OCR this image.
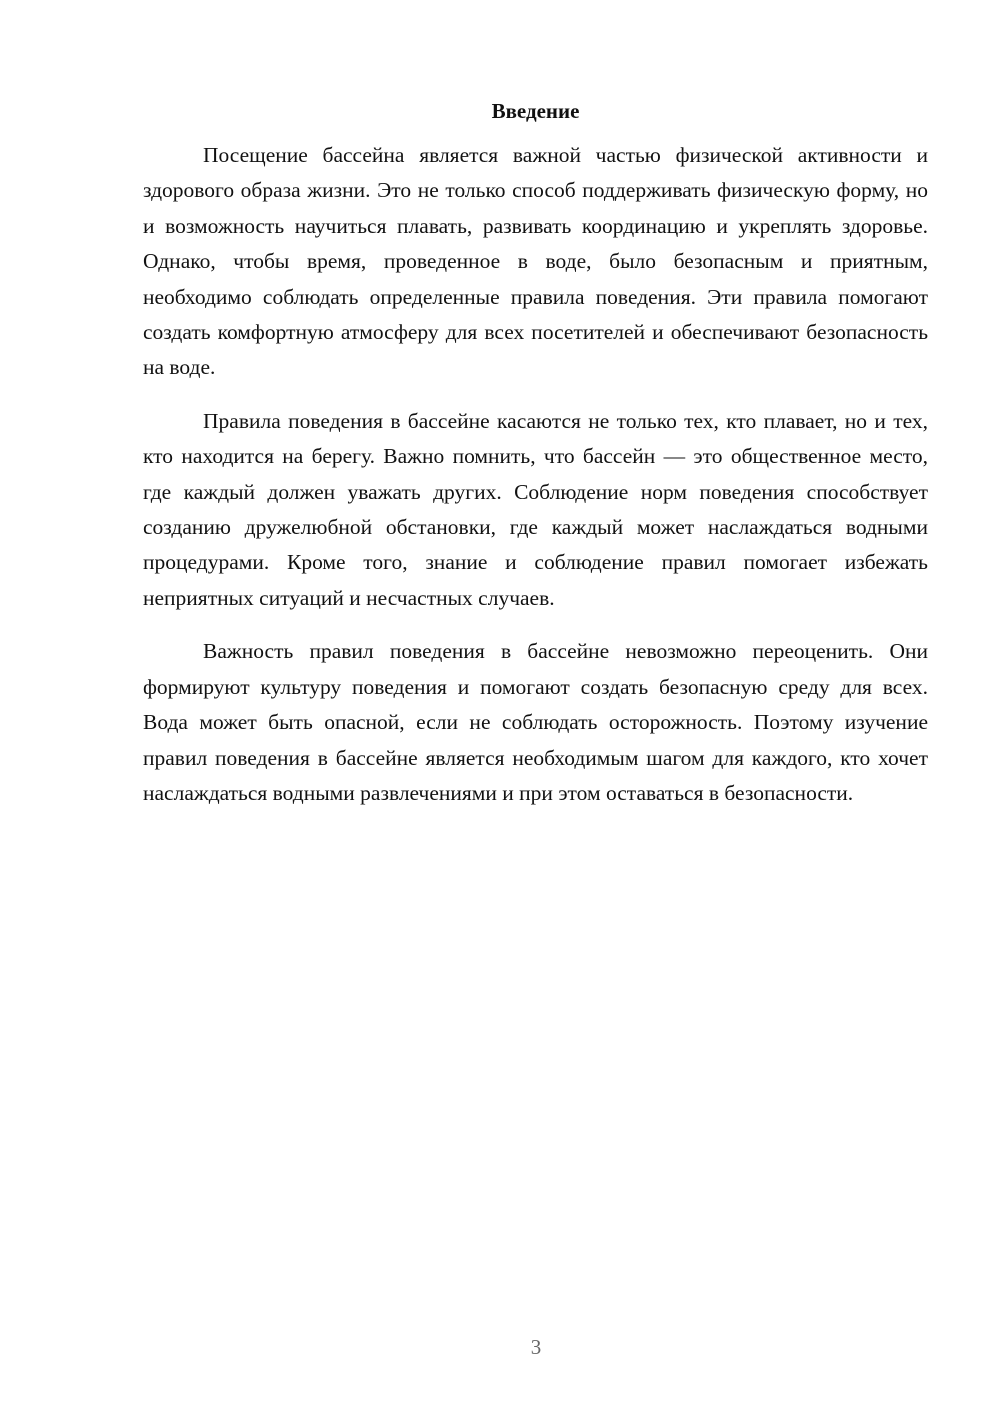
Введение

Посещение бассейна является важной частью физической активности и здорового образа жизни. Это не только способ поддерживать физическую форму, но и возможность научиться плавать, развивать координацию и укреплять здоровье. Однако, чтобы время, проведенное в воде, было безопасным и приятным, необходимо соблюдать определенные правила поведения. Эти правила помогают создать комфортную атмосферу для всех посетителей и обеспечивают безопасность на воде.

Правила поведения в бассейне касаются не только тех, кто плавает, но и тех, кто находится на берегу. Важно помнить, что бассейн — это общественное место, где каждый должен уважать других. Соблюдение норм поведения способствует созданию дружелюбной обстановки, где каждый может наслаждаться водными процедурами. Кроме того, знание и соблюдение правил помогает избежать неприятных ситуаций и несчастных случаев.

Важность правил поведения в бассейне невозможно переоценить. Они формируют культуру поведения и помогают создать безопасную среду для всех. Вода может быть опасной, если не соблюдать осторожность. Поэтому изучение правил поведения в бассейне является необходимым шагом для каждого, кто хочет наслаждаться водными развлечениями и при этом оставаться в безопасности.

3
